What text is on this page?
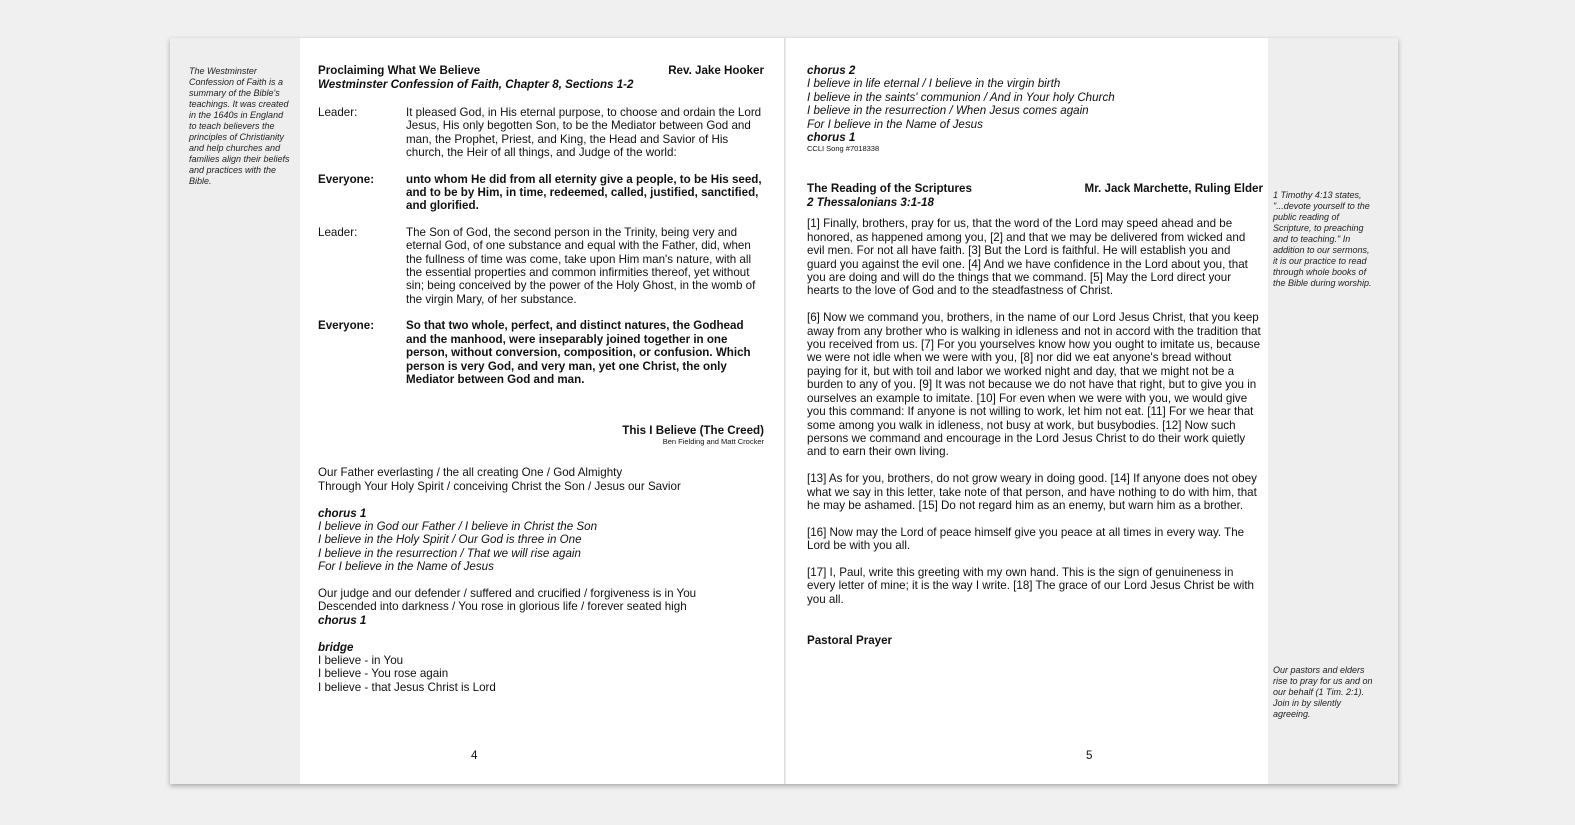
The Westminster Confession of Faith is a summary of the Bible's teachings. It was created in the 1640s in England to teach believers the principles of Christianity and help churches and families align their beliefs and practices with the Bible.
1 Timothy 4:13 states, "...devote yourself to the public reading of Scripture, to preaching and to teaching." In addition to our sermons, it is our practice to read through whole books of the Bible during worship.
Our pastors and elders rise to pray for us and on our behalf (1 Tim. 2:1). Join in by silently agreeing.
Proclaiming What We Believe	Rev. Jake Hooker
Westminster Confession of Faith, Chapter 8, Sections 1-2
Leader:	It pleased God, in His eternal purpose, to choose and ordain the Lord Jesus, His only begotten Son, to be the Mediator between God and man, the Prophet, Priest, and King, the Head and Savior of His church, the Heir of all things, and Judge of the world:
Everyone:	unto whom He did from all eternity give a people, to be His seed, and to be by Him, in time, redeemed, called, justified, sanctified, and glorified.
Leader:	The Son of God, the second person in the Trinity, being very and eternal God, of one substance and equal with the Father, did, when the fullness of time was come, take upon Him man's nature, with all the essential properties and common infirmities thereof, yet without sin; being conceived by the power of the Holy Ghost, in the womb of the virgin Mary, of her substance.
Everyone:	So that two whole, perfect, and distinct natures, the Godhead and the manhood, were inseparably joined together in one person, without conversion, composition, or confusion. Which person is very God, and very man, yet one Christ, the only Mediator between God and man.
This I Believe (The Creed)
Ben Fielding and Matt Crocker
Our Father everlasting / the all creating One / God Almighty
Through Your Holy Spirit / conceiving Christ the Son / Jesus our Savior
chorus 1
I believe in God our Father / I believe in Christ the Son
I believe in the Holy Spirit / Our God is three in One
I believe in the resurrection / That we will rise again
For I believe in the Name of Jesus
Our judge and our defender / suffered and crucified / forgiveness is in You
Descended into darkness / You rose in glorious life / forever seated high
chorus 1
bridge
I believe - in You
I believe - You rose again
I believe - that Jesus Christ is Lord
4
chorus 2
I believe in life eternal / I believe in the virgin birth
I believe in the saints' communion / And in Your holy Church
I believe in the resurrection / When Jesus comes again
For I believe in the Name of Jesus
chorus 1
CCLI Song #7018338
The Reading of the Scriptures	Mr. Jack Marchette, Ruling Elder
2 Thessalonians 3:1-18
[1] Finally, brothers, pray for us, that the word of the Lord may speed ahead and be honored, as happened among you, [2] and that we may be delivered from wicked and evil men. For not all have faith. [3] But the Lord is faithful. He will establish you and guard you against the evil one. [4] And we have confidence in the Lord about you, that you are doing and will do the things that we command. [5] May the Lord direct your hearts to the love of God and to the steadfastness of Christ.
[6] Now we command you, brothers, in the name of our Lord Jesus Christ, that you keep away from any brother who is walking in idleness and not in accord with the tradition that you received from us. [7] For you yourselves know how you ought to imitate us, because we were not idle when we were with you, [8] nor did we eat anyone's bread without paying for it, but with toil and labor we worked night and day, that we might not be a burden to any of you. [9] It was not because we do not have that right, but to give you in ourselves an example to imitate. [10] For even when we were with you, we would give you this command: If anyone is not willing to work, let him not eat. [11] For we hear that some among you walk in idleness, not busy at work, but busybodies. [12] Now such persons we command and encourage in the Lord Jesus Christ to do their work quietly and to earn their own living.
[13] As for you, brothers, do not grow weary in doing good. [14] If anyone does not obey what we say in this letter, take note of that person, and have nothing to do with him, that he may be ashamed. [15] Do not regard him as an enemy, but warn him as a brother.
[16] Now may the Lord of peace himself give you peace at all times in every way. The Lord be with you all.
[17] I, Paul, write this greeting with my own hand. This is the sign of genuineness in every letter of mine; it is the way I write. [18] The grace of our Lord Jesus Christ be with you all.
Pastoral Prayer
5
